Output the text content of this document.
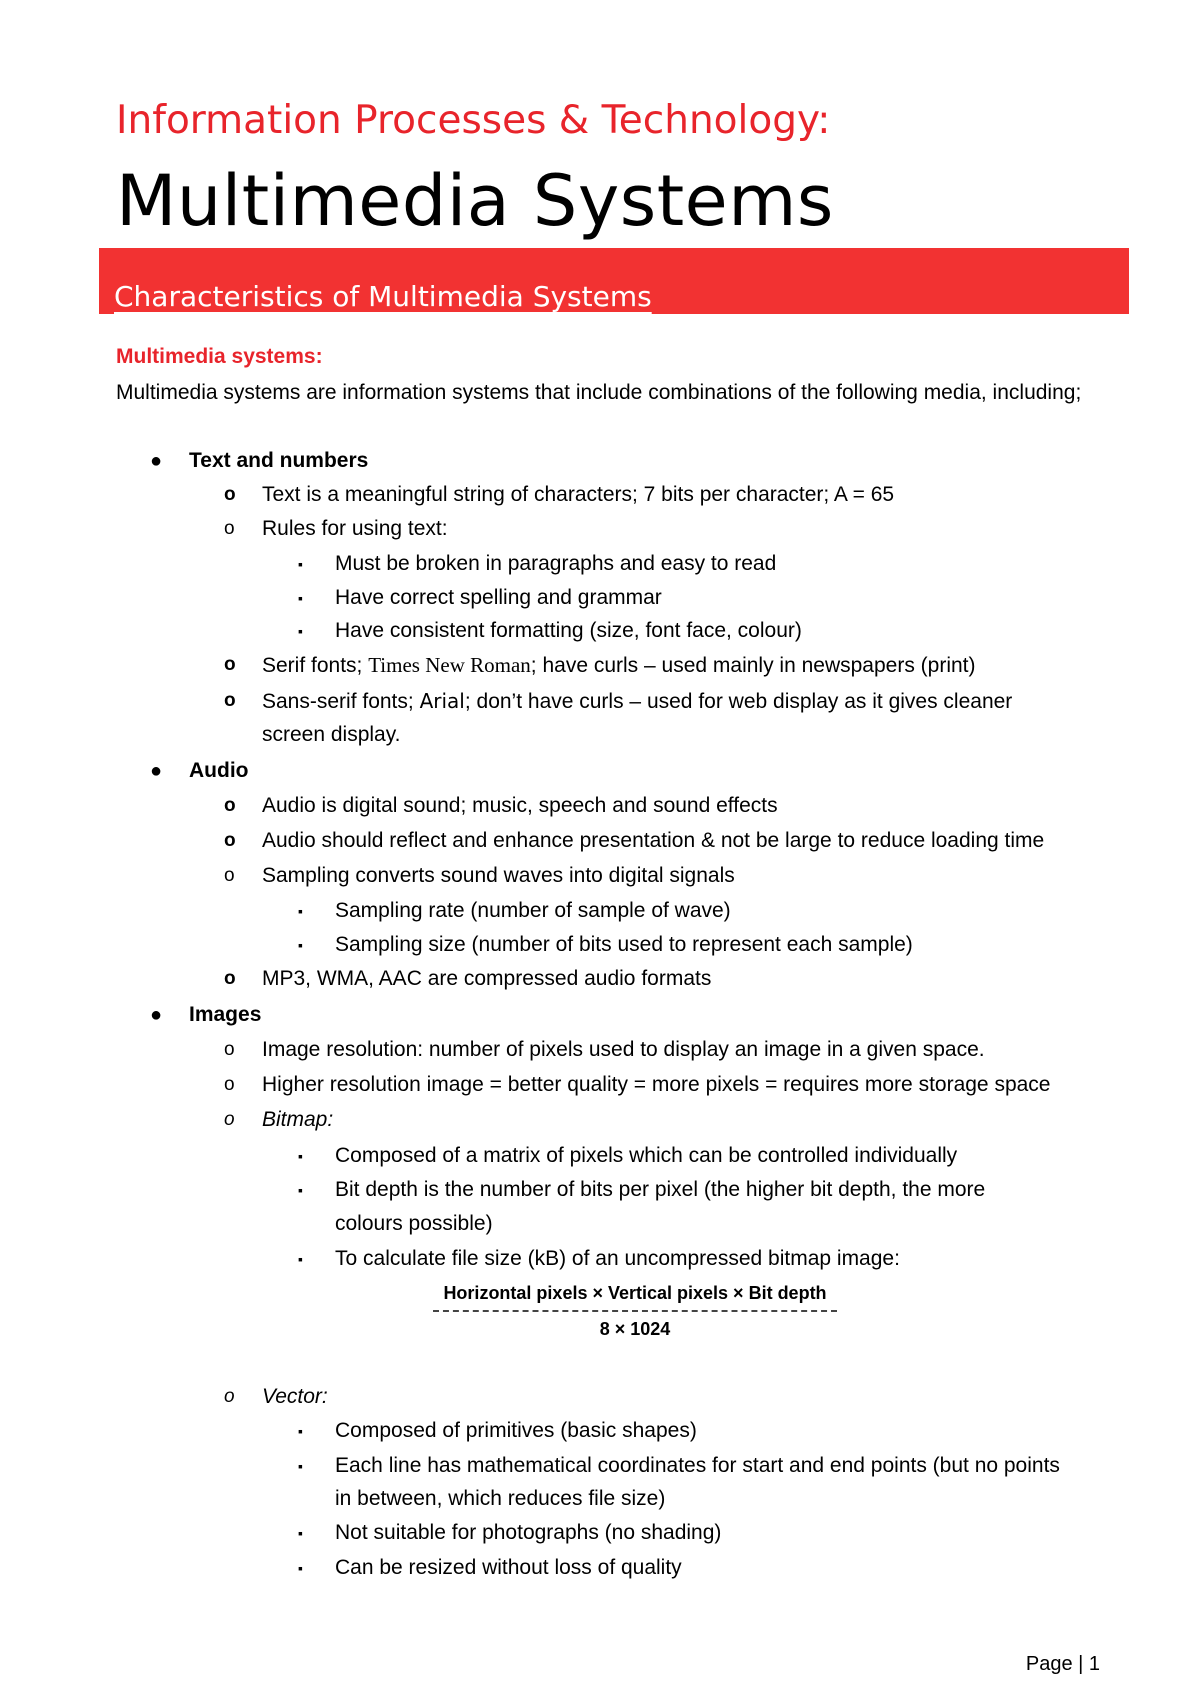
Information Processes & Technology:
Multimedia Systems
Characteristics of Multimedia Systems
Multimedia systems:
Multimedia systems are information systems that include combinations of the following media, including;
● Text and numbers
o Text is a meaningful string of characters; 7 bits per character; A = 65
o Rules for using text:
▪ Must be broken in paragraphs and easy to read
▪ Have correct spelling and grammar
▪ Have consistent formatting (size, font face, colour)
o Serif fonts; Times New Roman; have curls – used mainly in newspapers (print)
o Sans-serif fonts; Arial; don’t have curls – used for web display as it gives cleaner
screen display.
● Audio
o Audio is digital sound; music, speech and sound effects
o Audio should reflect and enhance presentation & not be large to reduce loading time
o Sampling converts sound waves into digital signals
▪ Sampling rate (number of sample of wave)
▪ Sampling size (number of bits used to represent each sample)
o MP3, WMA, AAC are compressed audio formats
● Images
o Image resolution: number of pixels used to display an image in a given space.
o Higher resolution image = better quality = more pixels = requires more storage space
o Bitmap:
▪ Composed of a matrix of pixels which can be controlled individually
▪ Bit depth is the number of bits per pixel (the higher bit depth, the more
colours possible)
▪ To calculate file size (kB) of an uncompressed bitmap image:
Horizontal pixels × Vertical pixels × Bit depth
8 × 1024
o Vector:
▪ Composed of primitives (basic shapes)
▪ Each line has mathematical coordinates for start and end points (but no points
in between, which reduces file size)
▪ Not suitable for photographs (no shading)
▪ Can be resized without loss of quality
Page | 1
